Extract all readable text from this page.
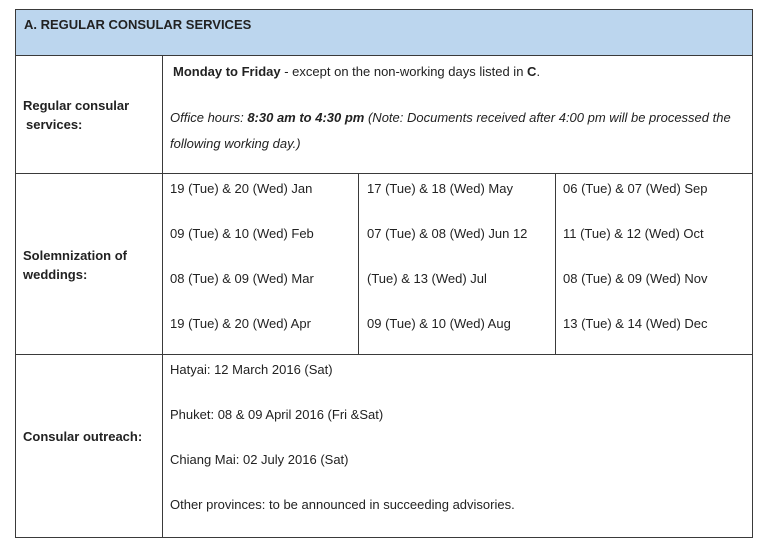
A. REGULAR CONSULAR SERVICES
Regular consular
services:
Monday to Friday - except on the non-working days listed in C.
Office hours: 8:30 am to 4:30 pm (Note: Documents received after 4:00 pm will be processed the
following working day.)
Solemnization of
weddings:
19 (Tue) & 20 (Wed) Jan
09 (Tue) & 10 (Wed) Feb
08 (Tue) & 09 (Wed) Mar
19 (Tue) & 20 (Wed) Apr
17 (Tue) & 18 (Wed) May
07 (Tue) & 08 (Wed) Jun 12
(Tue) & 13 (Wed) Jul
09 (Tue) & 10 (Wed) Aug
06 (Tue) & 07 (Wed) Sep
11 (Tue) & 12 (Wed) Oct
08 (Tue) & 09 (Wed) Nov
13 (Tue) & 14 (Wed) Dec
Consular outreach:
Hatyai: 12 March 2016 (Sat)
Phuket: 08 & 09 April 2016 (Fri &Sat)
Chiang Mai: 02 July 2016 (Sat)
Other provinces: to be announced in succeeding advisories.
